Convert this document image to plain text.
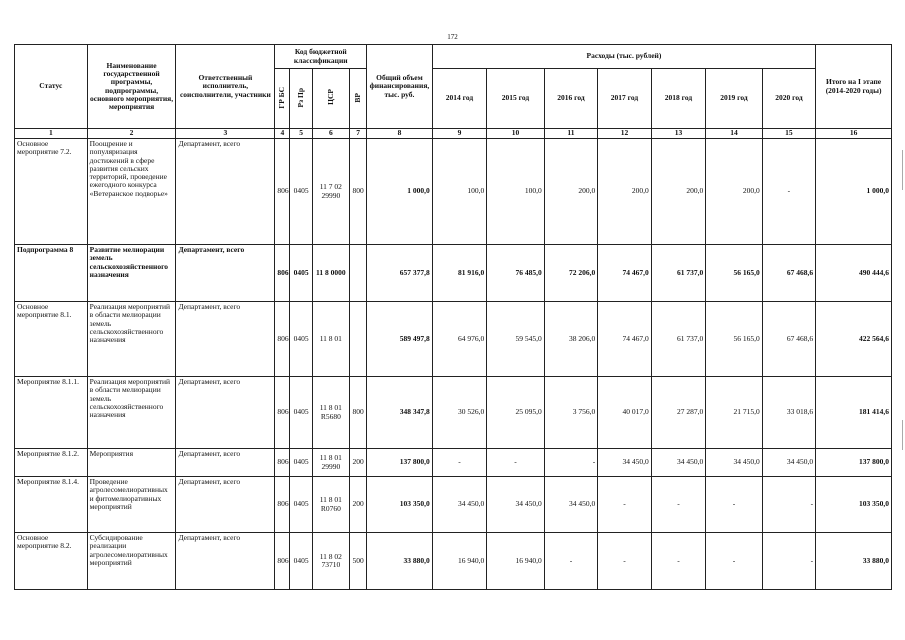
172
Статус	Наименование государственной программы, подпрограммы, основного мероприятия, мероприятия	Ответственный исполнитель, соисполнители, участники	Код бюджетной классификации				Общий объем финансирования, тыс. руб.	Расходы (тыс. рублей)							Итого на I этапе (2014-2020 годы)
			ГР БС	Рз Пр	ЦСР	ВР		2014 год	2015 год	2016 год	2017 год	2018 год	2019 год	2020 год	
1	2	3	4	5	6	7	8	9	10	11	12	13	14	15	16
Основное мероприятие 7.2.	Поощрение и популяризация достижений в сфере развития сельских территорий, проведение ежегодного конкурса «Ветеранское подворье»	Департамент, всего	806	0405	11 7 02 29990	800	1 000,0	100,0	100,0	200,0	200,0	200,0	200,0	-	1 000,0
Подпрограмма 8	Развитие мелиорации земель сельскохозяйственного назначения	Департамент, всего	806	0405	11 8 0000		657 377,8	81 916,0	76 485,0	72 206,0	74 467,0	61 737,0	56 165,0	67 468,6	490 444,6
Основное мероприятие 8.1.	Реализация мероприятий в области мелиорации земель сельскохозяйственного назначения	Департамент, всего	806	0405	11 8 01		589 497,8	64 976,0	59 545,0	38 206,0	74 467,0	61 737,0	56 165,0	67 468,6	422 564,6
Мероприятие 8.1.1.	Реализация мероприятий в области мелиорации земель сельскохозяйственного назначения	Департамент, всего	806	0405	11 8 01 R5680	800	348 347,8	30 526,0	25 095,0	3 756,0	40 017,0	27 287,0	21 715,0	33 018,6	181 414,6
Мероприятие 8.1.2.	Мероприятия	Департамент, всего	806	0405	11 8 01 29990	200	137 800,0	-	-	-	34 450,0	34 450,0	34 450,0	34 450,0	137 800,0
Мероприятие 8.1.4.	Проведение агролесомелиоративных и фитомелиоративных мероприятий	Департамент, всего	806	0405	11 8 01 R0760	200	103 350,0	34 450,0	34 450,0	34 450,0	-	-	-	-	103 350,0
Основное мероприятие 8.2.	Субсидирование реализации агролесомелиоративных мероприятий	Департамент, всего	806	0405	11 8 02 73710	500	33 880,0	16 940,0	16 940,0	-	-	-	-	-	33 880,0
